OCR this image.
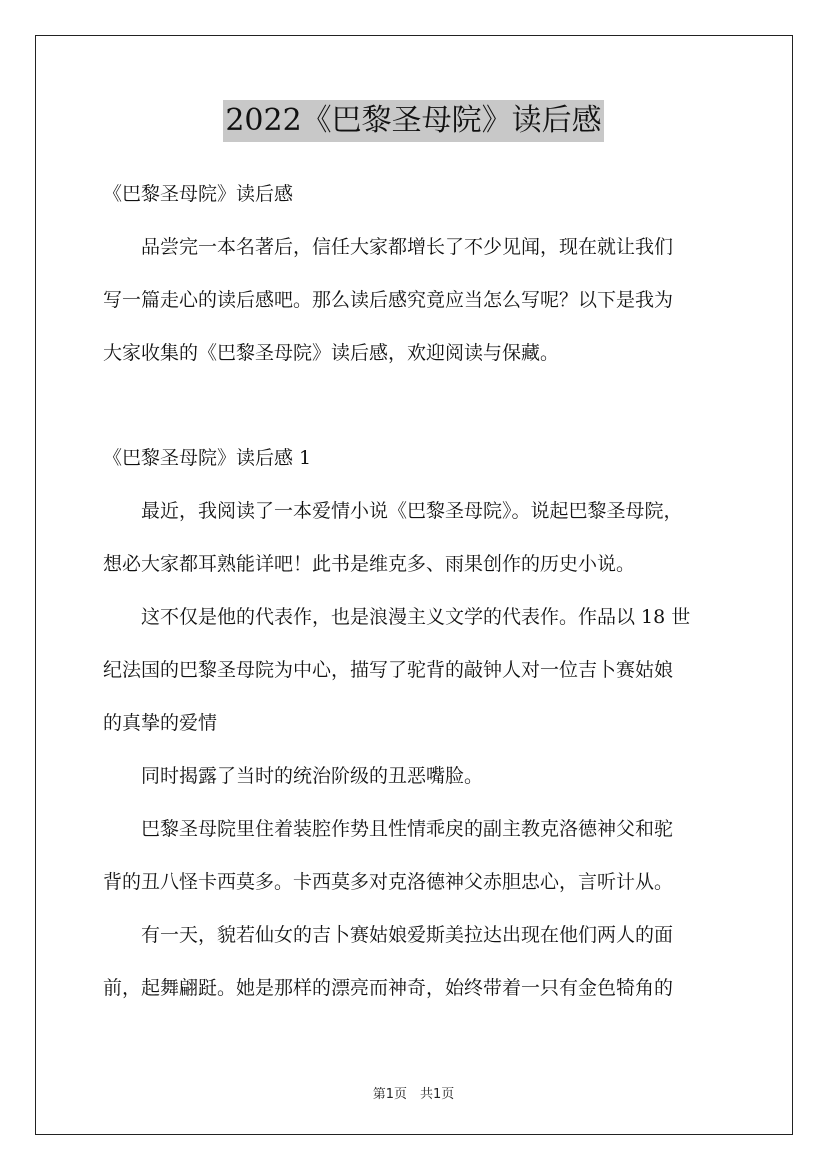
2022《巴黎圣母院》读后感
《巴黎圣母院》读后感
　　品尝完一本名著后，信任大家都增长了不少见闻，现在就让我们
写一篇走心的读后感吧。那么读后感究竟应当怎么写呢？以下是我为
大家收集的《巴黎圣母院》读后感，欢迎阅读与保藏。
《巴黎圣母院》读后感 1
　　最近，我阅读了一本爱情小说《巴黎圣母院》。说起巴黎圣母院，
想必大家都耳熟能详吧！此书是维克多、雨果创作的历史小说。
　　这不仅是他的代表作，也是浪漫主义文学的代表作。作品以 18 世
纪法国的巴黎圣母院为中心，描写了驼背的敲钟人对一位吉卜赛姑娘
的真挚的爱情
　　同时揭露了当时的统治阶级的丑恶嘴脸。
　　巴黎圣母院里住着装腔作势且性情乖戾的副主教克洛德神父和驼
背的丑八怪卡西莫多。卡西莫多对克洛德神父赤胆忠心，言听计从。
　　有一天，貌若仙女的吉卜赛姑娘爱斯美拉达出现在他们两人的面
前，起舞翩跹。她是那样的漂亮而神奇，始终带着一只有金色犄角的
第1页　共1页
